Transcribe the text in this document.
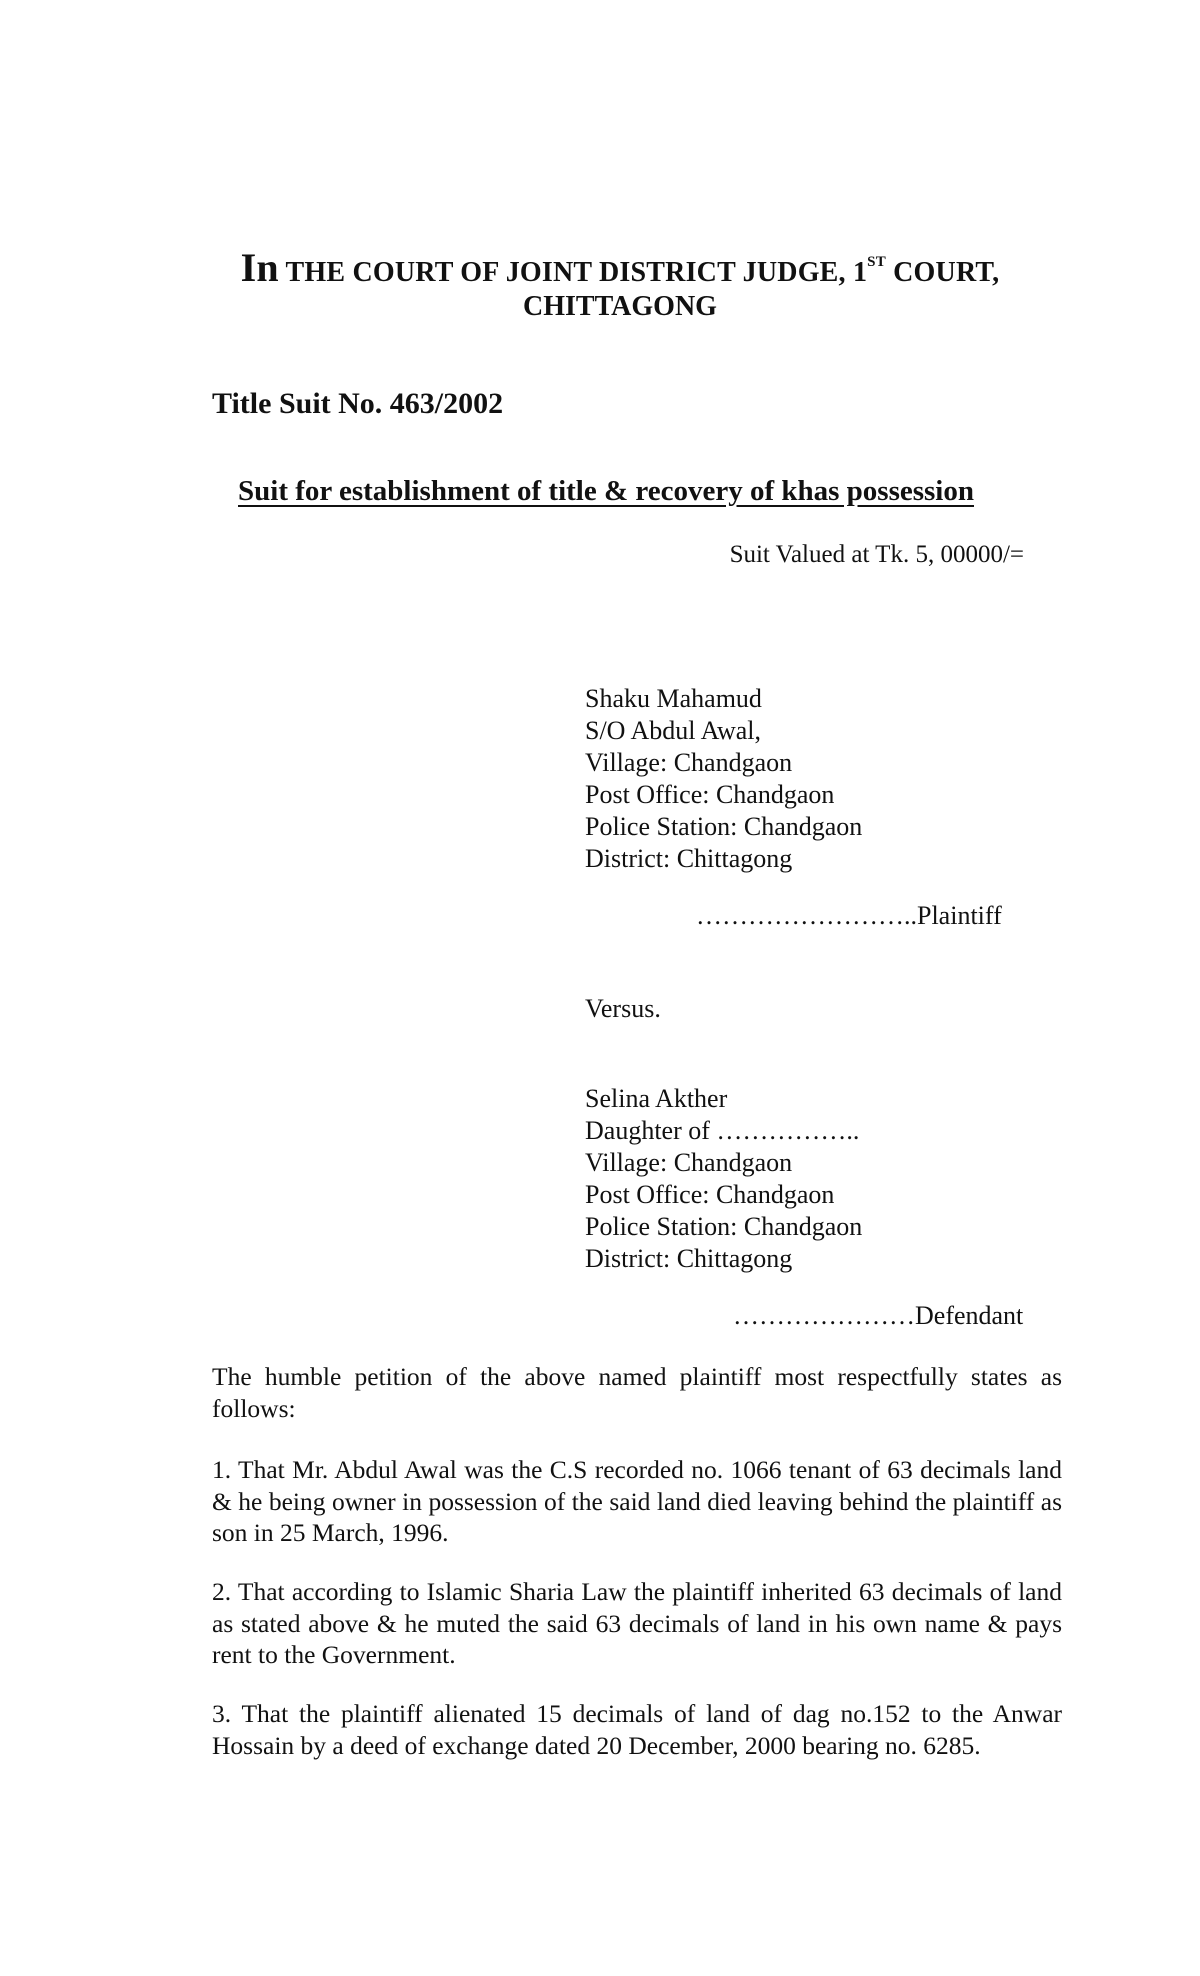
In THE COURT OF JOINT DISTRICT JUDGE, 1ST COURT,
CHITTAGONG
Title Suit No. 463/2002
Suit for establishment of title & recovery of khas possession
Suit Valued at Tk. 5, 00000/=
Shaku Mahamud
S/O Abdul Awal,
Village: Chandgaon
Post Office: Chandgaon
Police Station: Chandgaon
District: Chittagong
……………………..Plaintiff
Versus.
Selina Akther
Daughter of ……………..
Village: Chandgaon
Post Office: Chandgaon
Police Station: Chandgaon
District: Chittagong
…………………Defendant
The humble petition of the above named plaintiff most respectfully states as follows:
1. That Mr. Abdul Awal was the C.S recorded no. 1066 tenant of 63 decimals land & he being owner in possession of the said land died leaving behind the plaintiff as son in 25 March, 1996.
2. That according to Islamic Sharia Law the plaintiff inherited 63 decimals of land as stated above & he muted the said 63 decimals of land in his own name & pays rent to the Government.
3. That the plaintiff alienated 15 decimals of land of dag no.152 to the Anwar Hossain by a deed of exchange dated 20 December, 2000 bearing no. 6285.
